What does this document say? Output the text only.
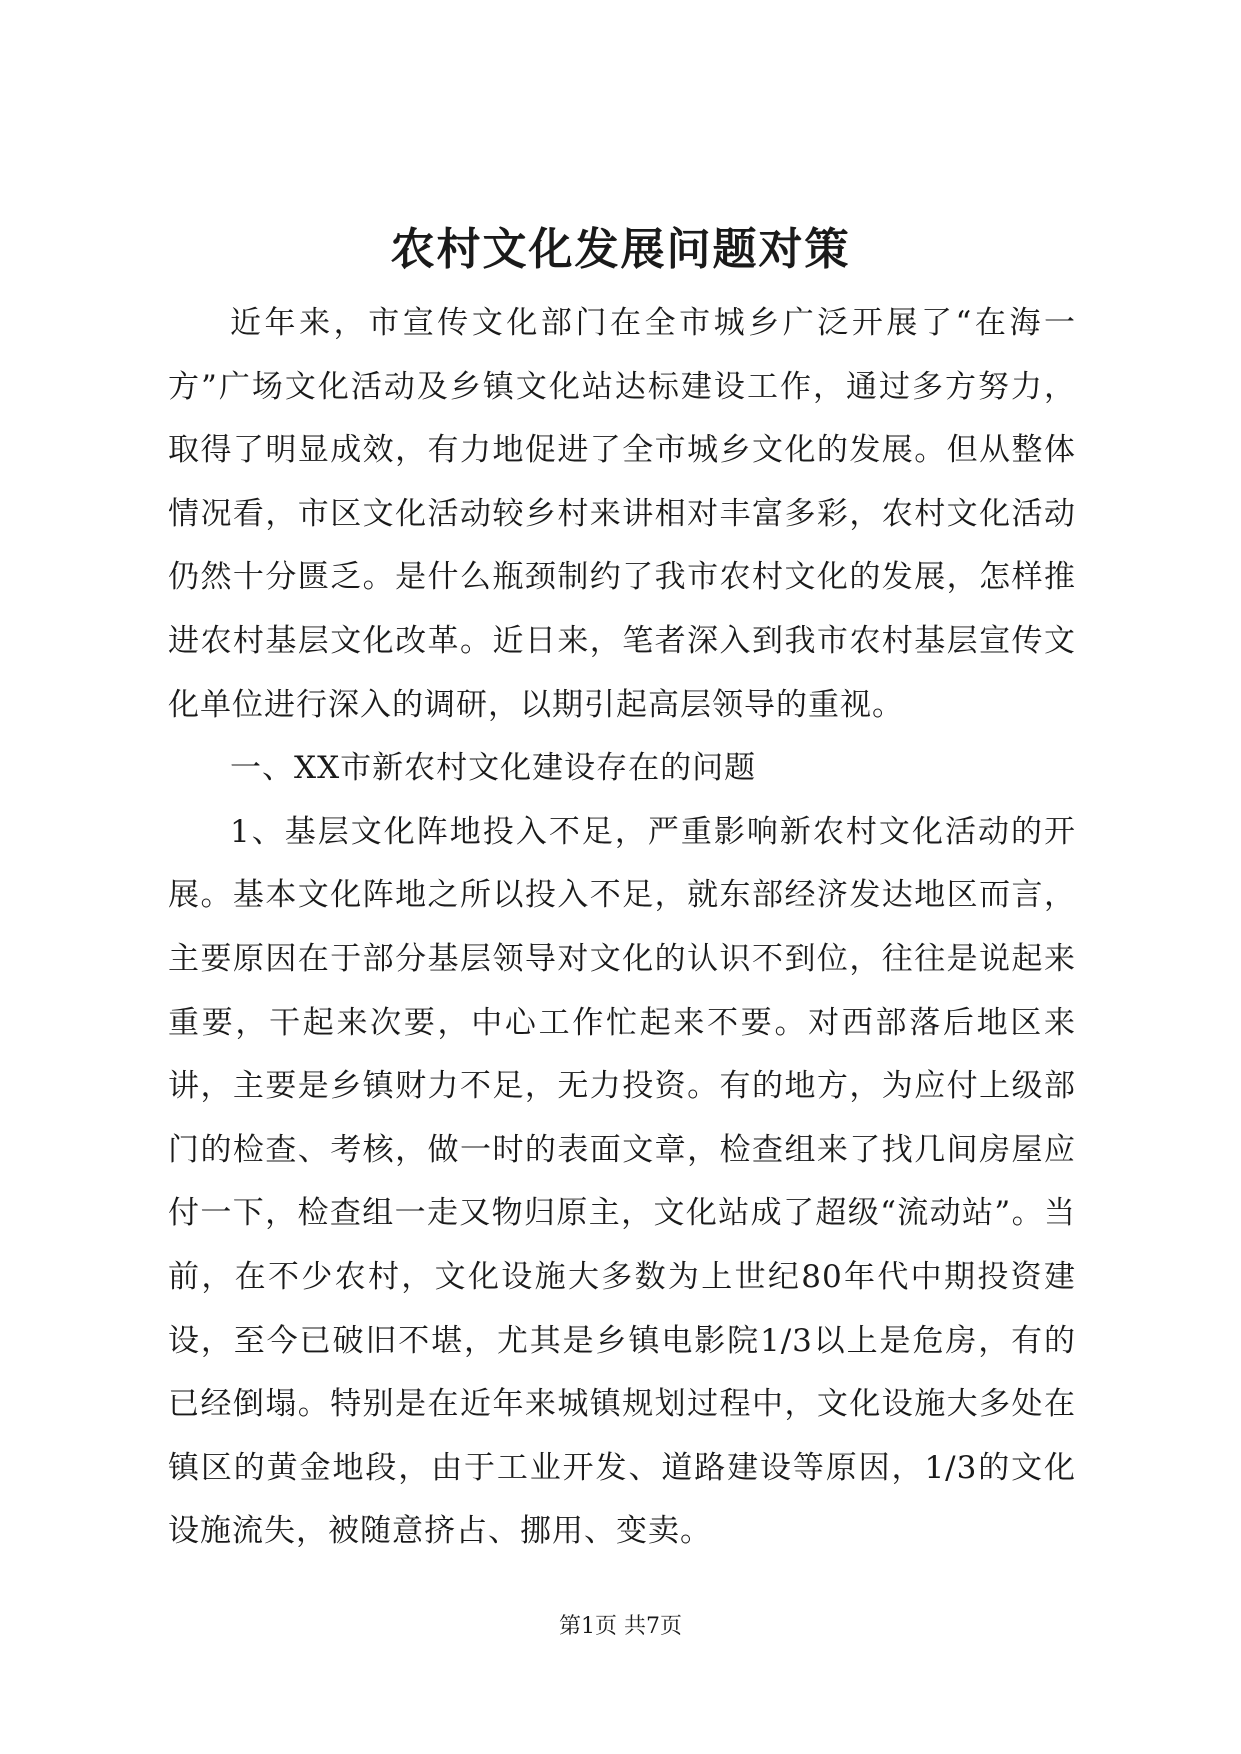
农村文化发展问题对策

近年来，市宣传文化部门在全市城乡广泛开展了“在海一方”广场文化活动及乡镇文化站达标建设工作，通过多方努力，取得了明显成效，有力地促进了全市城乡文化的发展。但从整体情况看，市区文化活动较乡村来讲相对丰富多彩，农村文化活动仍然十分匮乏。是什么瓶颈制约了我市农村文化的发展，怎样推进农村基层文化改革。近日来，笔者深入到我市农村基层宣传文化单位进行深入的调研，以期引起高层领导的重视。

一、XX市新农村文化建设存在的问题

1、基层文化阵地投入不足，严重影响新农村文化活动的开展。基本文化阵地之所以投入不足，就东部经济发达地区而言，主要原因在于部分基层领导对文化的认识不到位，往往是说起来重要，干起来次要，中心工作忙起来不要。对西部落后地区来讲，主要是乡镇财力不足，无力投资。有的地方，为应付上级部门的检查、考核，做一时的表面文章，检查组来了找几间房屋应付一下，检查组一走又物归原主，文化站成了超级“流动站”。当前，在不少农村，文化设施大多数为上世纪80年代中期投资建设，至今已破旧不堪，尤其是乡镇电影院1/3以上是危房，有的已经倒塌。特别是在近年来城镇规划过程中，文化设施大多处在镇区的黄金地段，由于工业开发、道路建设等原因，1/3的文化设施流失，被随意挤占、挪用、变卖。

第1页 共7页
